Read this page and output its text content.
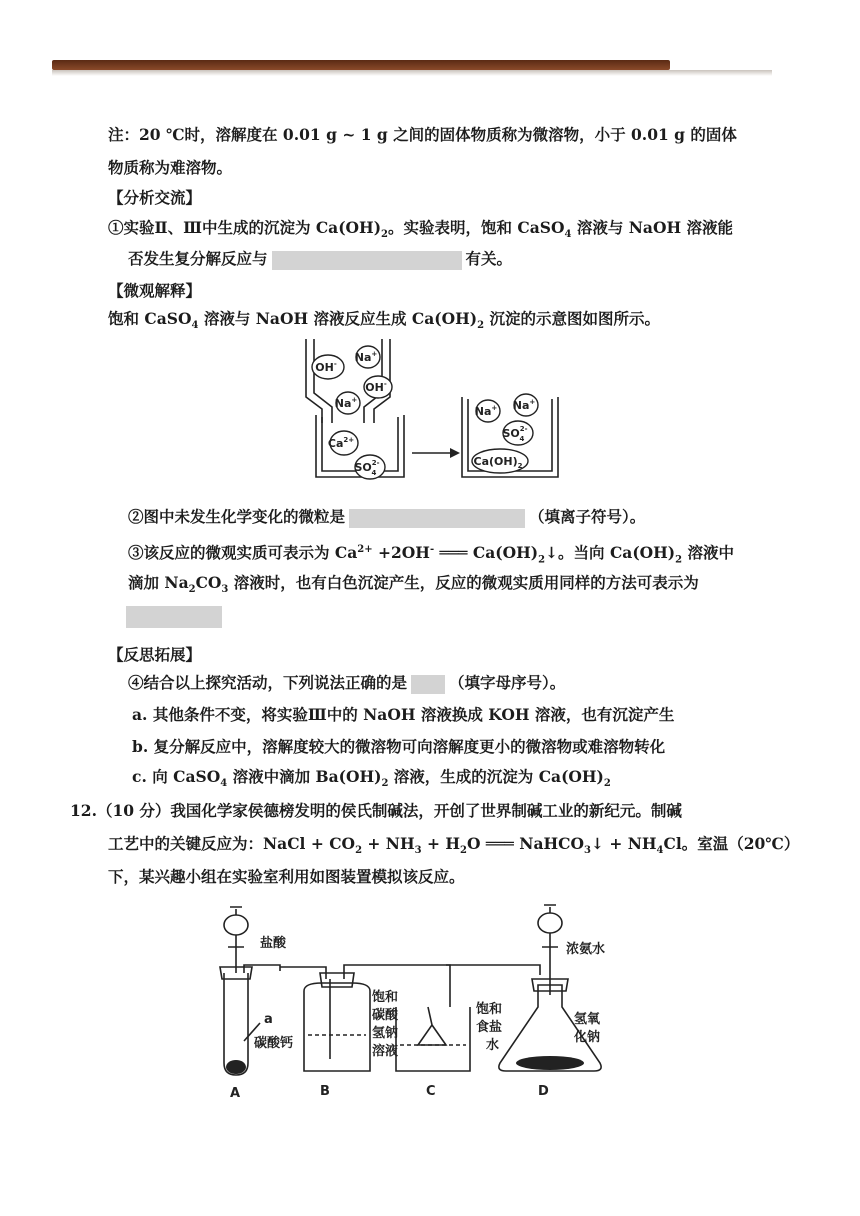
注：20 ℃时，溶解度在 0.01 g ~ 1 g 之间的固体物质称为微溶物，小于 0.01 g 的固体
物质称为难溶物。
【分析交流】
①实验Ⅱ、Ⅲ中生成的沉淀为 $Ca(OH)_2$。实验表明，饱和 CaSO$_4$ 溶液与 NaOH 溶液能
否发生复分解反应与	有关。
【微观解释】
饱和 CaSO$_4$ 溶液与 NaOH 溶液反应生成 $Ca(OH)_2$ 沉淀的示意图如图所示。
OH- Na+
OH-
Na+
$Ca^{2+}$
$SO^{2-}4$
Na+ Na+
$SO^{2-}4$
$Ca(OH)_2$
②图中未发生化学变化的微粒是	（填离子符号）。
③该反应的微观实质可表示为 $Ca^{2+} +2OH^-$ ═══ $Ca(OH)_2↓$。当向 $Ca(OH)_2$ 溶液中
滴加 $Na_2CO_3$ 溶液时，也有白色沉淀产生，反应的微观实质用同样的方法可表示为
【反思拓展】
④结合以上探究活动，下列说法正确的是	（填字母序号）。
a. 其他条件不变，将实验Ⅲ中的 NaOH 溶液换成 KOH 溶液，也有沉淀产生
b. 复分解反应中，溶解度较大的微溶物可向溶解度更小的微溶物或难溶物转化
c. 向 CaSO$_4$ 溶液中滴加 $Ba(OH)_2$ 溶液，生成的沉淀为 $Ca(OH)_2$
12.（10 分）我国化学家侯德榜发明的侯氏制碱法，开创了世界制碱工业的新纪元。制碱
工艺中的关键反应为：NaCl + $CO_2 + NH_3 + H_2O$ ═══ NaHCO$_3$↓ + $NH_4Cl$。室温（20℃）
下，某兴趣小组在实验室利用如图装置模拟该反应。
盐酸
a
碳酸钙
饱和
碳酸
氢钠
溶液
饱和
食盐
水
浓氨水
氢氧
化钠
A	B	C	D
